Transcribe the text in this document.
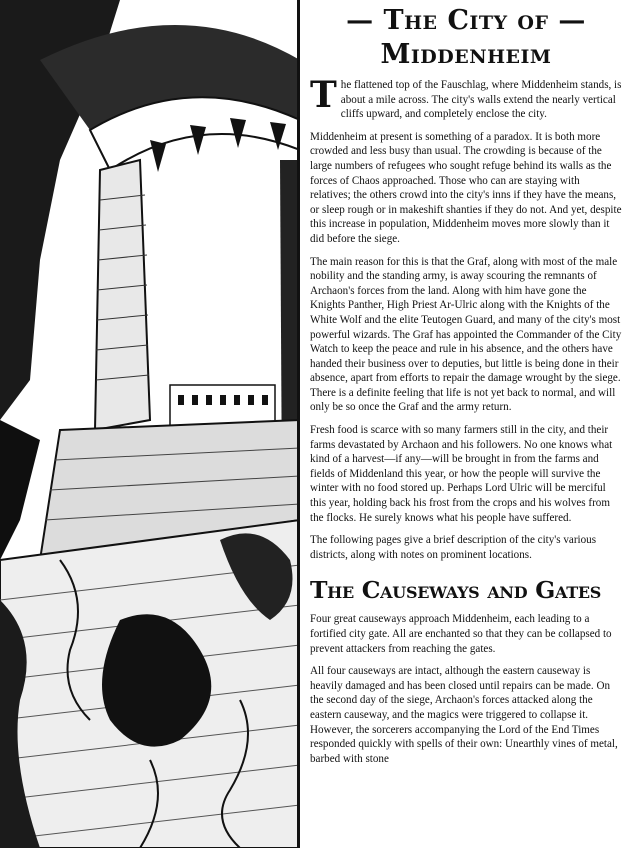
— The City of —
Middenheim

The flattened top of the Fauschlag, where Middenheim stands, is about a mile across. The city's walls extend the nearly vertical cliffs upward, and completely enclose the city.

Middenheim at present is something of a paradox. It is both more crowded and less busy than usual. The crowding is because of the large numbers of refugees who sought refuge behind its walls as the forces of Chaos approached. Those who can are staying with relatives; the others crowd into the city's inns if they have the means, or sleep rough or in makeshift shanties if they do not. And yet, despite this increase in population, Middenheim moves more slowly than it did before the siege.

The main reason for this is that the Graf, along with most of the male nobility and the standing army, is away scouring the remnants of Archaon's forces from the land. Along with him have gone the Knights Panther, High Priest Ar-Ulric along with the Knights of the White Wolf and the elite Teutogen Guard, and many of the city's most powerful wizards. The Graf has appointed the Commander of the City Watch to keep the peace and rule in his absence, and the others have handed their business over to deputies, but little is being done in their absence, apart from efforts to repair the damage wrought by the siege. There is a definite feeling that life is not yet back to normal, and will only be so once the Graf and the army return.

Fresh food is scarce with so many farmers still in the city, and their farms devastated by Archaon and his followers. No one knows what kind of a harvest—if any—will be brought in from the farms and fields of Middenland this year, or how the people will survive the winter with no food stored up. Perhaps Lord Ulric will be merciful this year, holding back his frost from the crops and his wolves from the flocks. He surely knows what his people have suffered.

The following pages give a brief description of the city's various districts, along with notes on prominent locations.

The Causeways and Gates

Four great causeways approach Middenheim, each leading to a fortified city gate. All are enchanted so that they can be collapsed to prevent attackers from reaching the gates.

All four causeways are intact, although the eastern causeway is heavily damaged and has been closed until repairs can be made. On the second day of the siege, Archaon's forces attacked along the eastern causeway, and the magics were triggered to collapse it. However, the sorcerers accompanying the Lord of the End Times responded quickly with spells of their own: Unearthly vines of metal, barbed with stone
